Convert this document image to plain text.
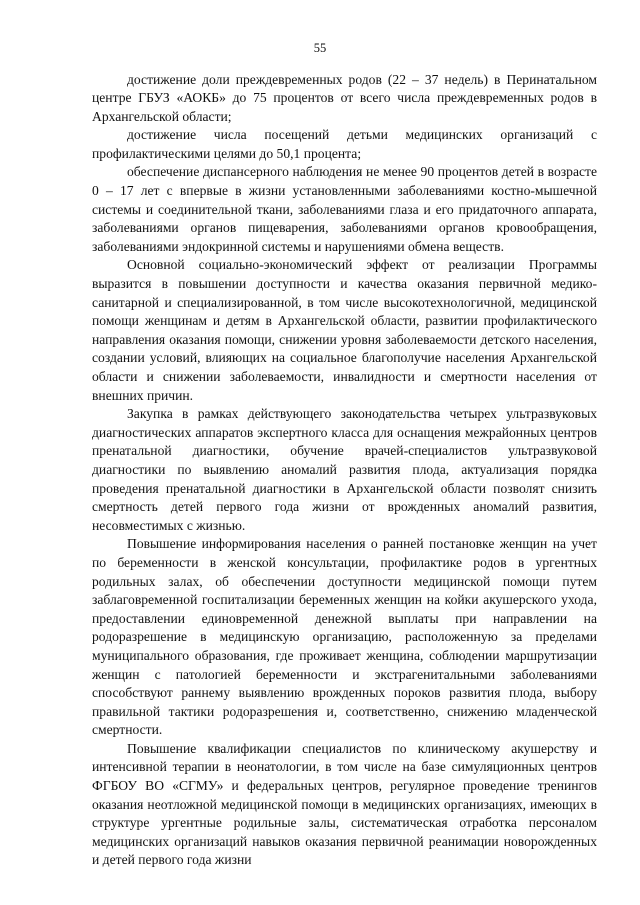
55

достижение доли преждевременных родов (22 – 37 недель) в Перинатальном центре ГБУЗ «АОКБ» до 75 процентов от всего числа преждевременных родов в Архангельской области;

достижение числа посещений детьми медицинских организаций с профилактическими целями до 50,1 процента;

обеспечение диспансерного наблюдения не менее 90 процентов детей в возрасте 0 – 17 лет с впервые в жизни установленными заболеваниями костно-мышечной системы и соединительной ткани, заболеваниями глаза и его придаточного аппарата, заболеваниями органов пищеварения, заболеваниями органов кровообращения, заболеваниями эндокринной системы и нарушениями обмена веществ.

Основной социально-экономический эффект от реализации Программы выразится в повышении доступности и качества оказания первичной медико-санитарной и специализированной, в том числе высокотехнологичной, медицинской помощи женщинам и детям в Архангельской области, развитии профилактического направления оказания помощи, снижении уровня заболеваемости детского населения, создании условий, влияющих на социальное благополучие населения Архангельской области и снижении заболеваемости, инвалидности и смертности населения от внешних причин.

Закупка в рамках действующего законодательства четырех ультразвуковых диагностических аппаратов экспертного класса для оснащения межрайонных центров пренатальной диагностики, обучение врачей-специалистов ультразвуковой диагностики по выявлению аномалий развития плода, актуализация порядка проведения пренатальной диагностики в Архангельской области позволят снизить смертность детей первого года жизни от врожденных аномалий развития, несовместимых с жизнью.

Повышение информирования населения о ранней постановке женщин на учет по беременности в женской консультации, профилактике родов в ургентных родильных залах, об обеспечении доступности медицинской помощи путем заблаговременной госпитализации беременных женщин на койки акушерского ухода, предоставлении единовременной денежной выплаты при направлении на родоразрешение в медицинскую организацию, расположенную за пределами муниципального образования, где проживает женщина, соблюдении маршрутизации женщин с патологией беременности и экстрагенитальными заболеваниями способствуют раннему выявлению врожденных пороков развития плода, выбору правильной тактики родоразрешения и, соответственно, снижению младенческой смертности.

Повышение квалификации специалистов по клиническому акушерству и интенсивной терапии в неонатологии, в том числе на базе симуляционных центров ФГБОУ ВО «СГМУ» и федеральных центров, регулярное проведение тренингов оказания неотложной медицинской помощи в медицинских организациях, имеющих в структуре ургентные родильные залы, систематическая отработка персоналом медицинских организаций навыков оказания первичной реанимации новорожденных и детей первого года жизни
